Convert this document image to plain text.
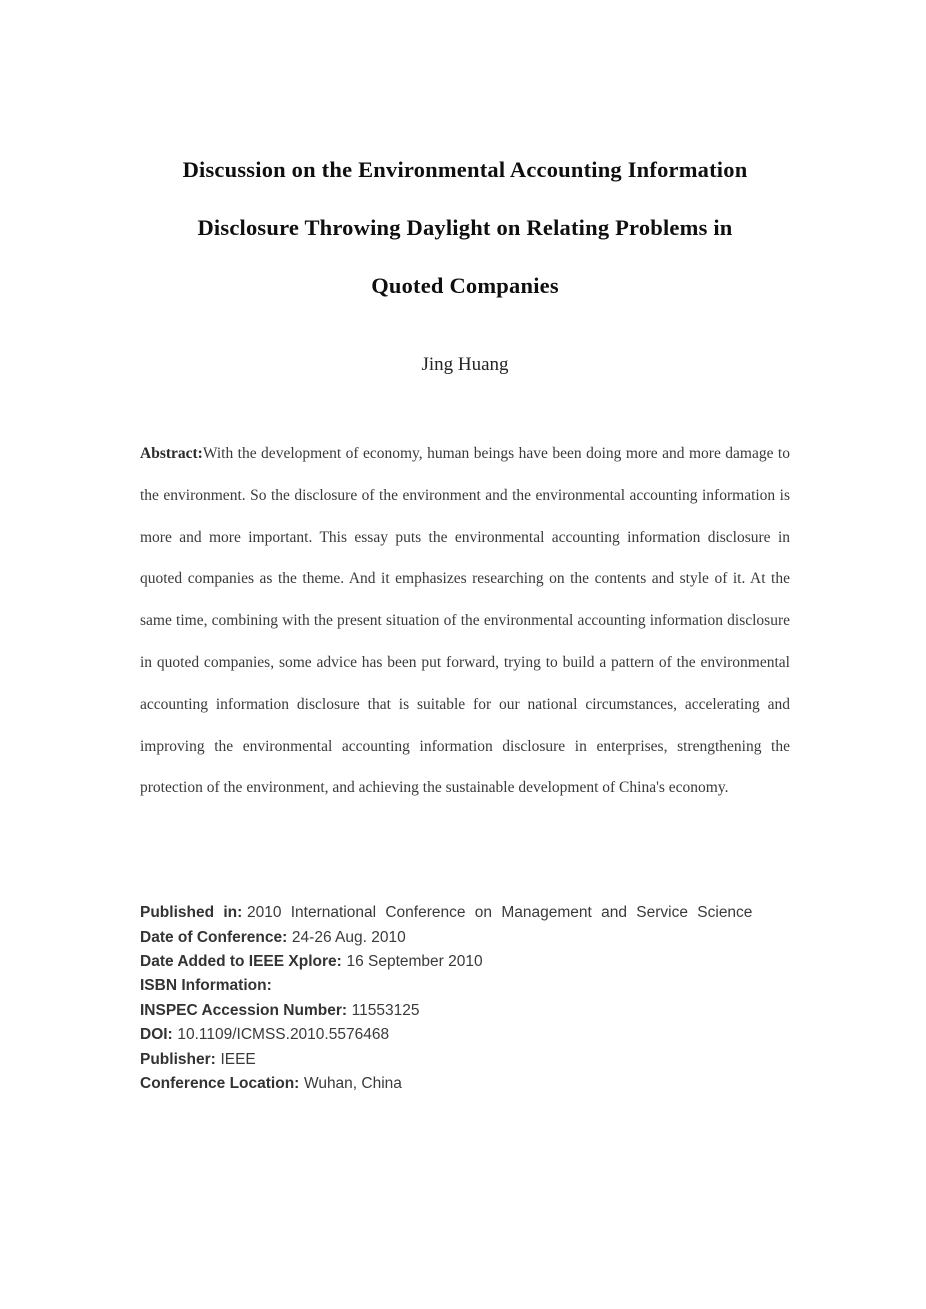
Discussion on the Environmental Accounting Information
Disclosure Throwing Daylight on Relating Problems in
Quoted Companies
Jing Huang

Abstract:With the development of economy, human beings have been doing more and more damage to the environment. So the disclosure of the environment and the environmental accounting information is more and more important. This essay puts the environmental accounting information disclosure in quoted companies as the theme. And it emphasizes researching on the contents and style of it. At the same time, combining with the present situation of the environmental accounting information disclosure in quoted companies, some advice has been put forward, trying to build a pattern of the environmental accounting information disclosure that is suitable for our national circumstances, accelerating and improving the environmental accounting information disclosure in enterprises, strengthening the protection of the environment, and achieving the sustainable development of China's economy.

Published in: 2010 International Conference on Management and Service Science

Date of Conference: 24-26 Aug. 2010

Date Added to IEEE Xplore: 16 September 2010

ISBN Information:

INSPEC Accession Number: 11553125

DOI: 10.1109/ICMSS.2010.5576468

Publisher: IEEE

Conference Location: Wuhan, China
